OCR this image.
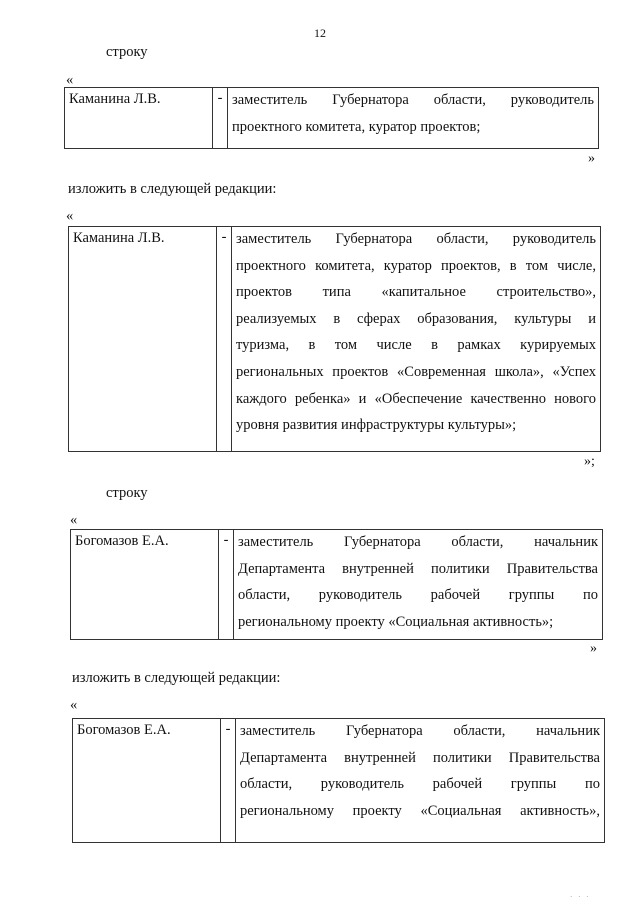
12
строку
«
Каманина Л.В.	-	заместитель Губернатора области, руководитель
проектного комитета, куратор проектов;
»
изложить в следующей редакции:
«
Каманина Л.В.	-	заместитель Губернатора области, руководитель
проектного комитета, куратор проектов, в том числе,
проектов типа «капитальное строительство»,
реализуемых в сферах образования, культуры и
туризма, в том числе в рамках курируемых
региональных проектов «Современная школа», «Успех
каждого ребенка» и «Обеспечение качественно нового
уровня развития инфраструктуры культуры»;
»;
строку
«
Богомазов Е.А.	-	заместитель Губернатора области, начальник
Департамента внутренней политики Правительства
области, руководитель рабочей группы по
региональному проекту «Социальная активность»;
»
изложить в следующей редакции:
«
Богомазов Е.А.	-	заместитель Губернатора области, начальник
Департамента внутренней политики Правительства
области, руководитель рабочей группы по
региональному проекту «Социальная активность»,
· · ·
